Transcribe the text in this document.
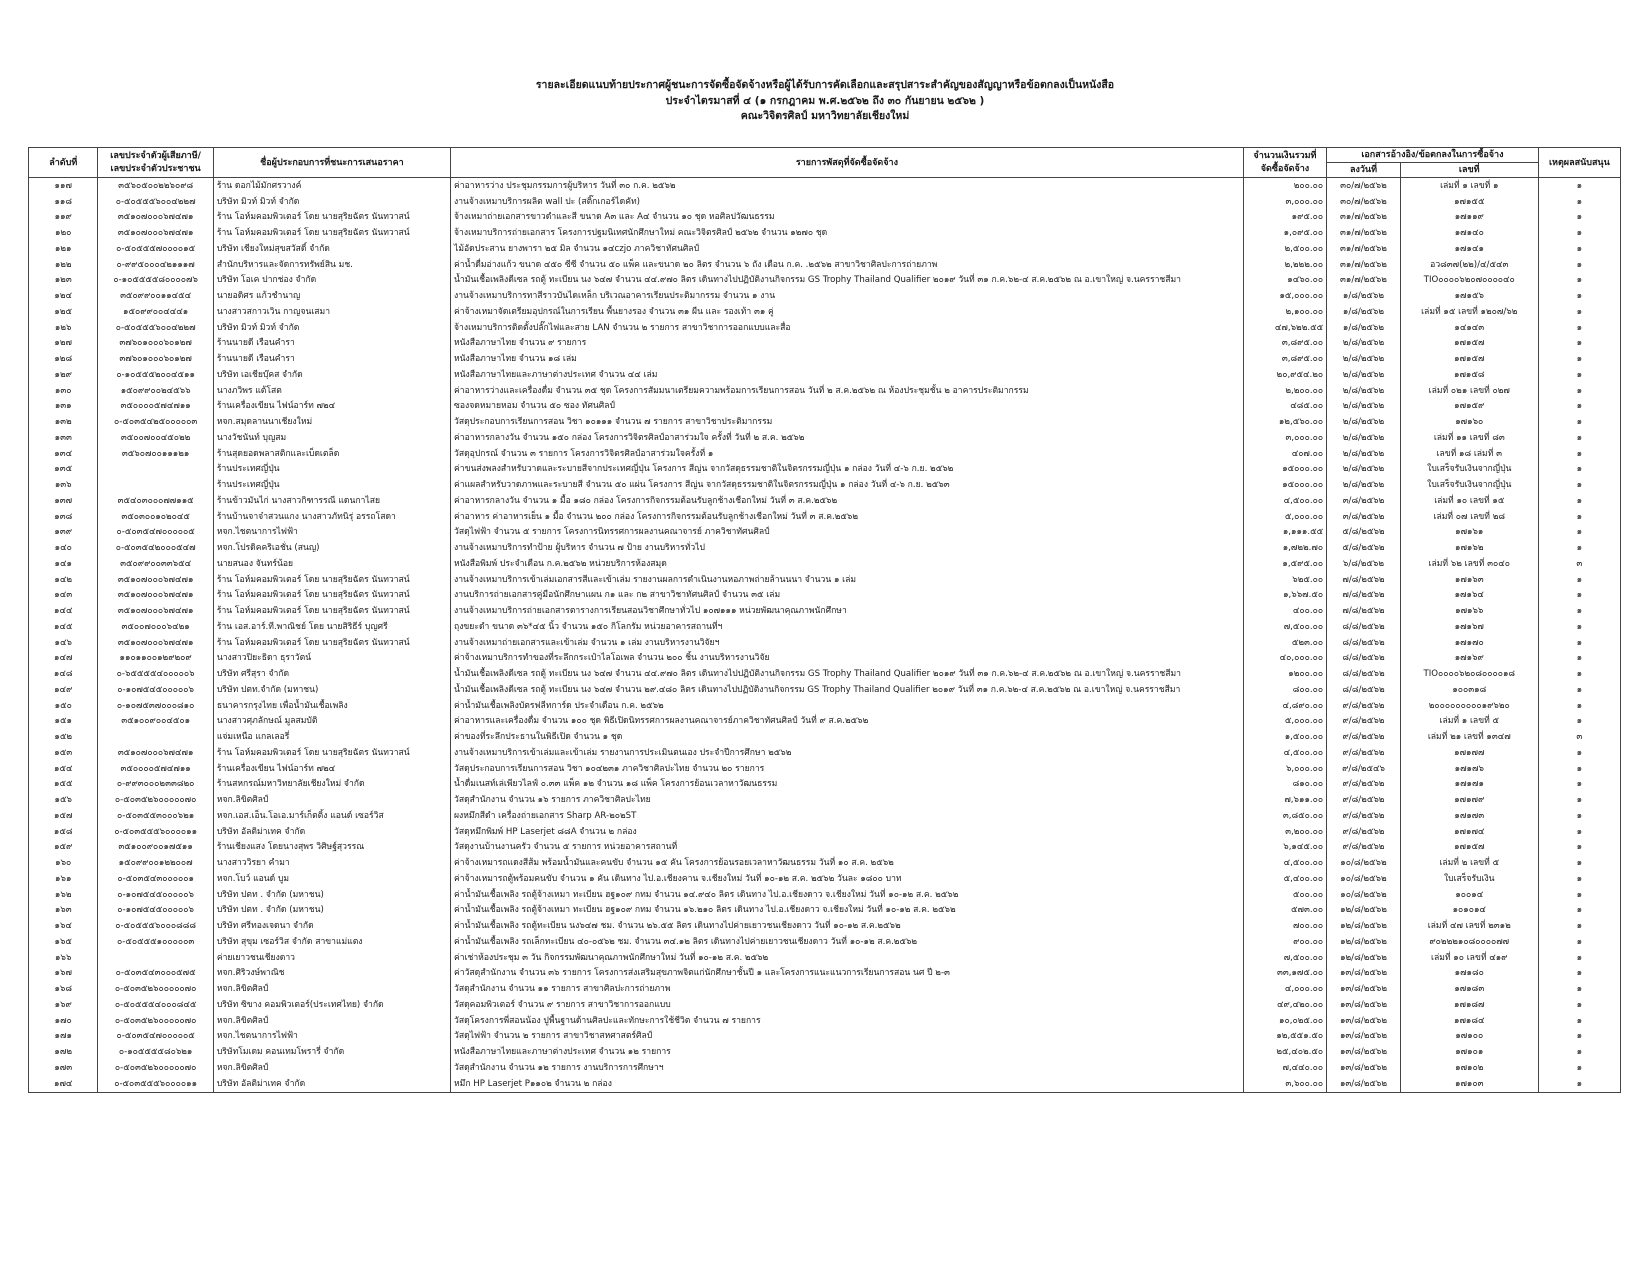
รายละเอียดแนบท้ายประกาศผู้ชนะการจัดซื้อจัดจ้างหรือผู้ได้รับการคัดเลือกและสรุปสาระสำคัญของสัญญาหรือข้อตกลงเป็นหนังสือ
ประจำไตรมาสที่ ๔ (๑ กรกฎาคม พ.ศ.๒๕๖๒ ถึง ๓๐ กันยายน ๒๕๖๒ )
คณะวิจิตรศิลป์ มหาวิทยาลัยเชียงใหม่
ลำดับที่	เลขประจำตัวผู้เสียภาษี/ เลขประจำตัวประชาชน	ชื่อผู้ประกอบการที่ชนะการเสนอราคา	รายการพัสดุที่จัดซื้อจัดจ้าง	จำนวนเงินรวมที่ จัดซื้อจัดจ้าง	เอกสารอ้างอิง/ข้อตกลงในการซื้อจ้าง		เหตุผลสนับสนุน
					ลงวันที่	เลขที่	
๑๑๗	๓๕๖๐๕๐๐๒๒๖๐๙๘	ร้าน ดอกไม้มักศรวางค์	ค่าอาหารว่าง ประชุมกรรมการผู้บริหาร วันที่ ๓๐ ก.ค. ๒๕๖๒	๒๐๐.๐๐	๓๐/๗/๒๕๖๒	เล่มที่ ๑ เลขที่ ๑	๑
๑๑๘	๐-๕๐๕๕๕๖๐๐๔๒๒๗	บริษัท มิวท์ มิวท์ จำกัด	งานจ้างเหมาบริการผลิต wall ปะ (สติ๊กเกอร์ไดคัท)	๓,๐๐๐.๐๐	๓๐/๗/๒๕๖๒	๑๗๑๕๕	๑
๑๑๙	๓๕๑๐๗๐๐๐๖๗๔๗๑	ร้าน โอห์มคอมพิวเตอร์ โดย นายสุริยฉัตร นันทวาสน์	จ้างเหมาถ่ายเอกสารขาวดำและสี ขนาด A๓ และ A๔ จำนวน ๑๐ ชุด หอศิลปวัฒนธรรม	๑๙๕.๐๐	๓๑/๗/๒๕๖๒	๑๗๑๑๙	๑
๑๒๐	๓๕๑๐๗๐๐๐๖๗๔๗๑	ร้าน โอห์มคอมพิวเตอร์ โดย นายสุริยฉัตร นันทวาสน์	จ้างเหมาบริการถ่ายเอกสาร โครงการปฐมนิเทศนักศึกษาใหม่ คณะวิจิตรศิลป์ ๒๕๖๒ จำนวน ๑๒๗๐ ชุด	๑,๐๙๕.๐๐	๓๑/๗/๒๕๖๒	๑๗๑๔๐	๑
๑๒๑	๐-๕๐๕๕๕๗๐๐๐๐๑๕	บริษัท เชียงใหม่สุขสวัสดิ์ จำกัด	ไม้อัดประสาน ยางพารา ๒๕ มิล จำนวน ๑๔czjo ภาควิชาทัศนศิลป์	๒,๕๐๐.๐๐	๓๑/๗/๒๕๖๒	๑๗๑๔๑	๑
๑๒๒	๐-๙๙๕๐๐๐๔๒๑๑๑๗	สำนักบริหารและจัดการทรัพย์สิน มช.	ค่าน้ำดื่มอ่างแก้ว ขนาด ๔๕๐ ซีซี จำนวน ๕๐ แพ็ค และขนาด ๒๐ ลิตร จำนวน ๖ ถัง เดือน ก.ค. .๒๕๖๒ สาขาวิชาศิลปะการถ่ายภาพ	๒,๒๒๒.๐๐	๓๑/๗/๒๕๖๒	อว๘๓๗(๒๒)/๔/๕๔๓	๑
๑๒๓	๐-๑๐๕๕๕๕๘๐๐๐๐๗๖	บริษัท โอเค ปากช่อง จำกัด	น้ำมันเชื้อเพลิงดีเซล รถตู้ ทะเบียน นง ๖๔๗ จำนวน ๔๔.๙๗๐ ลิตร เดินทางไปปฏิบัติงานกิจกรรม GS Trophy Thailand Qualifier ๒๐๑๙ วันที่ ๓๑ ก.ค.๖๒-๔ ส.ค.๒๕๖๒ ณ อ.เขาใหญ่ จ.นครราชสีมา	๑๔๖๐.๐๐	๓๑/๗/๒๕๖๒	TIO๐๐๐๐๖๒๐๗๐๐๐๐๔๐	๑
๑๒๔	๓๕๐๙๙๐๐๑๑๔๕๔	นายอดิศร แก้วชำนาญ	งานจ้างเหมาบริการทาสีราวบันไดเหล็ก บริเวณอาคารเรียนประติมากรรม จำนวน ๑ งาน	๑๕,๐๐๐.๐๐	๑/๘/๒๕๖๒	๑๗๑๕๖	๑
๑๒๕	๑๕๐๙๙๐๐๔๔๔๑	นางสาวสกาวเวิน กาญจนเสมา	ค่าจ้างเหมาจัดเตรียมอุปกรณ์ในการเรียน พื้นยางรอง จำนวน ๓๑ ผืน และ รองเท้า ๓๑ คู่	๒,๑๐๐.๐๐	๑/๘/๒๕๖๒	เล่มที่ ๑๕ เลขที่ ๑๒๐๗/๖๒	๑
๑๒๖	๐-๕๐๕๕๕๖๐๐๔๒๒๗	บริษัท มิวท์ มิวท์ จำกัด	จ้างเหมาบริการติดตั้งปลั๊กไฟและสาย LAN จำนวน ๒ รายการ สาขาวิชาการออกแบบและสื่อ	๔๗,๖๒๒.๕๕	๑/๘/๒๕๖๒	๑๔๑๔๓	๑
๑๒๗	๓๗๖๐๑๐๐๐๖๐๑๒๗	ร้านนายดี เรือนคำรา	หนังสือภาษาไทย จำนวน ๙ รายการ	๓,๘๙๕.๐๐	๒/๘/๒๕๖๒	๑๗๑๕๗	๑
๑๒๘	๓๗๖๐๑๐๐๐๖๐๑๒๗	ร้านนายดี เรือนคำรา	หนังสือภาษาไทย จำนวน ๑๘ เล่ม	๓,๘๙๕.๐๐	๒/๘/๒๕๖๒	๑๗๑๕๗	๑
๑๒๙	๐-๑๐๕๕๕๒๐๐๔๕๑๑	บริษัท เอเชียบุ๊คส จำกัด	หนังสือภาษาไทยและภาษาต่างประเทศ จำนวน ๔๔ เล่ม	๒๐,๙๕๔.๒๐	๒/๘/๒๕๖๒	๑๗๑๕๘	๑
๑๓๐	๑๕๐๙๙๐๐๒๔๕๖๖	นางภวิพร แต้โสต	ค่าอาหารว่างและเครื่องดื่ม จำนวน ๓๕ ชุด โครงการสัมมนาเตรียมความพร้อมการเรียนการสอน วันที่ ๒ ส.ค.๒๕๖๒ ณ ห้องประชุมชั้น ๒ อาคารประติมากรรม	๒,๒๐๐.๐๐	๒/๘/๒๕๖๒	เล่มที่ ๐๒๑ เลขที่ ๐๒๗	๑
๑๓๑	๓๕๐๐๐๐๕๗๔๗๑๑	ร้านเครื่องเขียน ไฟน์อาร์ท ๗๒๔	ซองจดหมายหอม จำนวน ๕๐ ซอง ทัศนศิลป์	๔๘๕.๐๐	๒/๘/๒๕๖๒	๑๗๑๕๙	๑
๑๓๒	๐-๕๐๓๕๔๒๕๐๐๐๐๐๓	หจก.สมุดลานนาเชียงใหม่	วัสดุประกอบการเรียนการสอน วิชา ๑๐๑๑๑ จำนวน ๗ รายการ สาขาวิชาประติมากรรม	๑๒,๕๖๐.๐๐	๒/๘/๒๕๖๒	๑๗๑๖๐	๑
๑๓๓	๓๕๐๐๗๐๐๔๕๐๒๒	นางวัชนันท์ บุญสม	ค่าอาหารกลางวัน จำนวน ๑๕๐ กล่อง โครงการวิจิตรศิลป์อาสาร่วมใจ ครั้งที่ วันที่ ๒ ส.ค. ๒๕๖๒	๓,๐๐๐.๐๐	๒/๘/๒๕๖๒	เล่มที่ ๑๑ เลขที่ ๘๓	๑
๑๓๔	๓๕๖๐๗๐๐๑๑๑๒๑	ร้านสุดยอดพลาสติกและเบ็ดเตล็ด	วัสดุอุปกรณ์ จำนวน ๓ รายการ โครงการวิจิตรศิลป์อาสาร่วมใจครั้งที่ ๑	๔๐๗.๐๐	๒/๘/๒๕๖๒	เลขที่ ๑๘ เล่มที่ ๓	๑
๑๓๕		ร้านประเทศญี่ปุ่น	ค่าขนส่งพลงสำหรับวาดและระบายสีจากประเทศญี่ปุ่น โครงการ สีญ่น จากวัสดุธรรมชาติในจิตรกรรมญี่ปุ่น ๑ กล่อง วันที่ ๔-๖ ก.ย. ๒๕๖๒	๑๕๐๐๐.๐๐	๒/๘/๒๕๖๒	ใบเสร็จรับเงินจากญี่ปุ่น	๑
๑๓๖		ร้านประเทศญี่ปุ่น	ค่าแผลสำหรับวาดภาพและระบายสี จำนวน ๕๐ แผ่น โครงการ สีญ่น จากวัสดุธรรมชาติในจิตรกรรมญี่ปุ่น ๑ กล่อง วันที่ ๔-๖ ก.ย. ๒๕๖๓	๑๕๐๐๐.๐๐	๒/๘/๒๕๖๒	ใบเสร็จรับเงินจากญี่ปุ่น	๑
๑๓๗	๓๕๔๐๓๐๐๐๗๗๑๑๕	ร้านข้าวมันไก่ นางสาวกิฑารรณี แดนกาไสย	ค่าอาหารกลางวัน จำนวน ๑ มื้อ ๑๘๐ กล่อง โครงการกิจกรรมต้อนรับลูกช้างเชือกใหม่ วันที่ ๓ ส.ค.๒๕๖๒	๔,๕๐๐.๐๐	๓/๘/๒๕๖๒	เล่มที่ ๑๐ เลขที่ ๑๕	๑
๑๓๘	๓๕๐๓๐๐๑๐๒๐๔๕	ร้านบ้านจาจ๋าสวนแกง นางสาวภัทนิรุ่ อรรถโสดา	ค่าอาหาร ค่าอาหารเย็น ๑ มื้อ จำนวน ๒๐๐ กล่อง โครงการกิจกรรมต้อนรับลูกช้างเชือกใหม่ วันที่ ๓ ส.ค.๒๕๖๒	๕,๐๐๐.๐๐	๓/๘/๒๕๖๒	เล่มที่ ๐๗ เลขที่ ๒๘	๑
๑๓๙	๐-๕๐๓๕๔๗๐๐๐๐๐๕	หจก.ไชตนาการไฟฟ้า	วัสดุไฟฟ้า จำนวน ๕ รายการ โครงการนิทรรศการผลงานคณาจารย์ ภาควิชาทัศนศิลป์	๑,๑๑๑.๕๕	๕/๘/๒๕๖๒	๑๗๑๖๑	๑
๑๔๐	๐-๕๐๓๕๔๒๐๐๐๕๔๗	หจก.โปรดิคคริเอชั่น (สนญ)	งานจ้างเหมาบริการทำป้าย ผู้บริหาร จำนวน ๗ ป้าย งานบริหารทั่วไป	๑,๗๒๒.๗๐	๕/๘/๒๕๖๒	๑๗๑๖๒	๑
๑๔๑	๓๕๐๙๙๐๐๓๓๖๕๔	นายสนอง จันทร์น้อย	หนังสือพิมพ์ ประจำเดือน ก.ค.๒๕๖๒ หน่วยบริการห้องสมุด	๑,๕๙๕.๐๐	๖/๘/๒๕๖๒	เล่มที่ ๖๒ เลขที่ ๓๐๔๐	๓
๑๔๒	๓๕๑๐๗๐๐๐๖๗๔๗๑	ร้าน โอห์มคอมพิวเตอร์ โดย นายสุริยฉัตร นันทวาสน์	งานจ้างเหมาบริการเข้าเล่มเอกสารสีและเข้าเล่ม รายงานผลการดำเนินงานหอภาพถ่ายล้านนนา จำนวน ๑ เล่ม	๖๒๕.๐๐	๗/๘/๒๕๖๒	๑๗๑๖๓	๑
๑๔๓	๓๕๑๐๗๐๐๐๖๗๔๗๑	ร้าน โอห์มคอมพิวเตอร์ โดย นายสุริยฉัตร นันทวาสน์	งานบริการถ่ายเอกสารคู่มือนักศึกษาแผน ก๑ และ ก๒ สาขาวิชาทัศนศิลป์ จำนวน ๓๕ เล่ม	๑,๖๖๗.๕๐	๗/๘/๒๕๖๒	๑๗๑๖๔	๑
๑๔๔	๓๕๑๐๗๐๐๐๖๗๔๗๑	ร้าน โอห์มคอมพิวเตอร์ โดย นายสุริยฉัตร นันทวาสน์	งานจ้างเหมาบริการถ่ายเอกสารตารางการเรียนสอนวิชาศึกษาทั่วไป ๑๐๗๑๑๑ หน่วยพัฒนาคุณภาพนักศึกษา	๔๐๐.๐๐	๗/๘/๒๕๖๒	๑๗๑๖๖	๑
๑๔๕	๓๕๐๐๗๐๐๐๖๔๒๑	ร้าน เอส.อาร์.ที.พาณิชย์ โดย นายสิริธีร์ บุญศรี	ถุงขยะดำ ขนาด ๓๖*๔๕ นิ้ว จำนวน ๑๕๐ กิโลกรัม หน่วยอาคารสถานที่ฯ	๗,๕๐๐.๐๐	๘/๘/๒๕๖๒	๑๗๑๖๗	๑
๑๔๖	๓๕๑๐๗๐๐๐๖๗๔๗๑	ร้าน โอห์มคอมพิวเตอร์ โดย นายสุริยฉัตร นันทวาสน์	งานจ้างเหมาถ่ายเอกสารและเข้าเล่ม จำนวน ๑ เล่ม งานบริหารงานวิจัยฯ	๕๒๓.๐๐	๘/๘/๒๕๖๒	๑๗๑๗๐	๑
๑๔๗	๑๑๐๑๑๐๐๑๒๙๒๐๙	นางสาวปิยะธิดา ธุราวัตน์	ค่าจ้างเหมาบริการทำของที่ระลึกกระเป๋าไลโอเพล จำนวน ๒๐๐ ชิ้น งานบริหารงานวิจัย	๔๐,๐๐๐.๐๐	๘/๘/๒๕๖๒	๑๗๑๖๙	๑
๑๔๘	๐-๖๕๕๕๕๔๐๐๐๐๐๖	บริษัท ศรีสุรา จำกัด	น้ำมันเชื้อเพลิงดีเซล รถตู้ ทะเบียน นง ๖๔๗ จำนวน ๔๔.๙๗๐ ลิตร เดินทางไปปฏิบัติงานกิจกรรม GS Trophy Thailand Qualifier ๒๐๑๙ วันที่ ๓๑ ก.ค.๖๒-๔ ส.ค.๒๕๖๒ ณ อ.เขาใหญ่ จ.นครราชสีมา	๑๒๐๐.๐๐	๘/๘/๒๕๖๒	TIO๐๐๐๐๖๒๐๘๐๐๐๐๑๘	๑
๑๔๙	๐-๑๐๗๕๔๕๐๐๐๐๐๖	บริษัท ปตท.จำกัด (มหาชน)	น้ำมันเชื้อเพลิงดีเซล รถตู้ ทะเบียน นง ๖๔๗ จำนวน ๒๙.๔๘๐ ลิตร เดินทางไปปฏิบัติงานกิจกรรม GS Trophy Thailand Qualifier ๒๐๑๙ วันที่ ๓๑ ก.ค.๖๒-๔ ส.ค.๒๕๖๒ ณ อ.เขาใหญ่ จ.นครราชสีมา	๘๐๐.๐๐	๘/๘/๒๕๖๒	๑๐๐๓๑๘	๑
๑๕๐	๐-๑๐๗๕๓๗๐๐๐๘๑๐	ธนาคารกรุงไทย เพื่อน้ำมันเชื้อเพลิง	ค่าน้ำมันเชื้อเพลิงบัตรฟลีทการ์ด ประจำเดือน ก.ค. ๒๕๖๒	๔,๘๙๐.๐๐	๙/๘/๒๕๖๒	๒๐๐๐๐๐๐๐๐๐๑๙๖๒๐	๑
๑๕๑	๓๕๑๐๐๙๐๐๔๕๐๑	นางสาวศุภลักษณ์ มูลสมบัติ	ค่าอาหารและเครื่องดื่ม จำนวน ๑๐๐ ชุด พิธีเปิดนิทรรศการผลงานคณาจารย์ภาควิชาทัศนศิลป์ วันที่ ๙ ส.ค.๒๕๖๒	๕,๐๐๐.๐๐	๙/๘/๒๕๖๒	เล่มที่ ๑ เลขที่ ๕	๑
๑๕๒		แจ่มเหนือ แกลเลอรี่	ค่าของที่ระลึกประธานในพิธีเปิด จำนวน ๑ ชุด	๑,๕๐๐.๐๐	๙/๘/๒๕๖๒	เล่มที่ ๒๑ เลขที่ ๑๓๔๗	๓
๑๕๓	๓๕๑๐๗๐๐๐๖๗๔๗๑	ร้าน โอห์มคอมพิวเตอร์ โดย นายสุริยฉัตร นันทวาสน์	งานจ้างเหมาบริการเข้าเล่มและเข้าเล่ม รายงานการประเมินตนเอง ประจำปีการศึกษา ๒๕๖๒	๔,๕๐๐.๐๐	๙/๘/๒๕๖๒	๑๗๑๗๗	๑
๑๕๔	๓๕๐๐๐๐๕๗๔๗๑๑	ร้านเครื่องเขียน ไฟน์อาร์ท ๗๒๔	วัสดุประกอบการเรียนการสอน วิชา ๑๐๔๒๓๑ ภาควิชาศิลปะไทย จำนวน ๒๐ รายการ	๖,๐๐๐.๐๐	๙/๘/๒๕๔๖	๑๗๑๗๖	๑
๑๕๕	๐-๙๙๓๐๐๐๒๓๓๘๒๐	ร้านสหกรณ์มหาวิทยาลัยเชียงใหม่ จำกัด	น้ำดื่มเนสท์เล่เพียวไลฟ์ ๐.๓๓ แพ็ค ๑๒ จำนวน ๑๘ แพ็ค โครงการย้อนเวลาหาวัฒนธรรม	๘๑๐.๐๐	๙/๘/๒๕๖๒	๑๗๑๗๑	๑
๑๕๖	๐-๕๐๓๕๒๖๐๐๐๐๐๗๐	หจก.ลิขิตศิลป์	วัสดุสำนักงาน จำนวน ๑๖ รายการ ภาควิชาศิลปะไทย	๗,๖๑๑.๐๐	๙/๘/๒๕๖๒	๑๗๑๗๙	๑
๑๕๗	๐-๕๐๓๕๕๓๐๐๐๖๒๑	หจก.เอส.เอ็น.โอเอ.มาร์เก็ตติ้ง แอนด์ เซอร์วิส	ผงหมึกสีดำ เครื่องถ่ายเอกสาร Sharp AR-๒๐๒ST	๓,๘๕๐.๐๐	๙/๘/๒๕๖๒	๑๗๑๗๓	๑
๑๕๘	๐-๕๐๓๕๕๕๖๐๐๐๐๑๑	บริษัท อัลติม่าเทค จำกัด	วัสดุหมึกพิมพ์ HP Laserjet ๘๘A จำนวน ๒ กล่อง	๓,๒๐๐.๐๐	๙/๘/๒๕๖๒	๑๗๑๗๔	๑
๑๕๙	๓๕๑๐๐๙๐๐๑๗๕๑๑	ร้านเชียงแสง โดยนางสุพร วิศิษฐ์สุวรรณ	วัสดุงานบ้านงานครัว จำนวน ๕ รายการ หน่วยอาคารสถานที่	๖,๑๔๕.๐๐	๙/๘/๒๕๖๒	๑๗๑๕๗	๑
๑๖๐	๑๕๐๙๙๐๐๑๒๒๐๐๗	นางสาววิรยา คำมา	ค่าจ้างเหมารถแดงสีส้ม พร้อมน้ำมันและคนขับ จำนวน ๑๕ คัน โครงการย้อนรอยเวลาหาวัฒนธรรม วันที่ ๑๐ ส.ค. ๒๕๖๒	๔,๕๐๐.๐๐	๑๐/๘/๒๕๖๒	เล่มที่ ๒ เลขที่ ๕	๑
๑๖๑	๐-๕๐๓๕๔๓๐๐๐๐๐๑	หจก.โบว์ แอนด์ บูม	ค่าจ้างเหมารถตู้พร้อมคนขับ จำนวน ๑ คัน เดินทาง ไป.อ.เชียงคาน จ.เชียงใหม่ วันที่ ๑๐-๑๒ ส.ค. ๒๕๖๒ วันละ ๑๘๐๐ บาท	๕,๔๐๐.๐๐	๑๐/๘/๒๕๖๒	ใบเสร็จรับเงิน	๑
๑๖๒	๐-๑๐๗๕๔๕๐๐๐๐๐๖	บริษัท ปตท . จำกัด (มหาชน)	ค่าน้ำมันเชื้อเพลิง รถตู้จ้างเหมา ทะเบียน ฮฐ๑๐๙ กทม จำนวน ๑๔.๙๔๐ ลิตร เดินทาง ไป.อ.เชียงดาว จ.เชียงใหม่ วันที่ ๑๐-๑๒ ส.ค. ๒๕๖๒	๕๐๐.๐๐	๑๐/๘/๒๕๖๒	๑๐๐๑๔	๑
๑๖๓	๐-๑๐๗๕๔๕๐๐๐๐๐๖	บริษัท ปตท . จำกัด (มหาชน)	ค่าน้ำมันเชื้อเพลิง รถตู้จ้างเหมา ทะเบียน ฮฐ๑๐๙ กทม จำนวน ๑๖.๒๑๐ ลิตร เดินทาง ไป.อ.เชียงดาว จ.เชียงใหม่ วันที่ ๑๐-๑๒ ส.ค. ๒๕๖๒	๕๗๓.๐๐	๑๒/๘/๒๕๖๒	๑๐๑๐๑๔	๑
๑๖๔	๐-๕๐๕๕๕๖๐๐๐๘๘๘	บริษัท ศรีทองเจดนา จำกัด	ค่าน้ำมันเชื้อเพลิง รถตู้ทะเบียน นง๖๔๗ ชม. จำนวน ๒๖.๕๕ ลิตร เดินทางไปค่ายเยาวชนเชียงดาว วันที่ ๑๐-๑๒ ส.ค.๒๕๖๒	๗๐๐.๐๐	๑๒/๘/๒๕๖๒	เล่มที่ ๔๗ เลขที่ ๒๓๑๒	๑
๑๖๕	๐-๕๐๕๕๕๑๐๐๐๐๐๓	บริษัท สุขุม เซอร์วิส จำกัด สาขาแม่แตง	ค่าน้ำมันเชื้อเพลิง รถเล็กทะเบียน ๔๐-๐๕๖๒ ชม. จำนวน ๓๔.๑๒ ลิตร เดินทางไปค่ายเยาวชนเชียงดาว วันที่ ๑๐-๑๒ ส.ค.๒๕๖๒	๙๐๐.๐๐	๑๒/๘/๒๕๖๒	๙๐๒๒๒๑๐๘๐๐๐๐๗๗	๑
๑๖๖		ค่ายเยาวชนเชียงดาว	ค่าเช่าห้องประชุม ๓ วัน กิจกรรมพัฒนาคุณภาพนักศึกษาใหม่ วันที่ ๑๐-๑๒ ส.ค. ๒๕๖๒	๗,๕๐๐.๐๐	๑๒/๘/๒๕๖๒	เล่มที่ ๑๐ เลขที่ ๔๑๙	๑
๑๖๗	๐-๕๐๓๕๔๓๐๐๐๕๗๕	หจก.ศิริวงษ์พาณิช	ค่าวัสดุสำนักงาน จำนวน ๓๖ รายการ โครงการส่งเสริมสุขภาพจิตแก่นักศึกษาชั้นปี ๑ และโครงการแนะแนวการเรียนการสอน นศ ปี ๒-๓	๓๓,๑๗๕.๐๐	๑๓/๘/๒๕๖๒	๑๗๑๘๐	๑
๑๖๘	๐-๕๐๓๕๒๖๐๐๐๐๐๗๐	หจก.ลิขิตศิลป์	วัสดุสำนักงาน จำนวน ๑๑ รายการ สาขาศิลปะการถ่ายภาพ	๔,๐๐๐.๐๐	๑๓/๘/๒๕๖๒	๑๗๑๘๓	๑
๑๖๙	๐-๕๐๕๕๕๔๐๐๐๘๔๕	บริษัท ซิขาง คอมพิวเตอร์(ประเทศไทย) จำกัด	วัสดุคอมพิวเตอร์ จำนวน ๙ รายการ สาขาวิชาการออกแบบ	๔๙,๔๒๐.๐๐	๑๓/๘/๒๕๖๒	๑๗๑๘๗	๑
๑๗๐	๐-๕๐๓๕๒๖๐๐๐๐๐๗๐	หจก.ลิขิตศิลป์	วัสดุโครงการพี่สอนน้อง ปูพื้นฐานด้านศิลปะและทักษะการใช้ชีวิต จำนวน ๗ รายการ	๑๐,๐๒๕.๐๐	๑๓/๘/๒๕๖๒	๑๗๑๘๔	๑
๑๗๑	๐-๕๐๓๕๔๗๐๐๐๐๐๕	หจก.ไชตนาการไฟฟ้า	วัสดุไฟฟ้า จำนวน ๒ รายการ สาขาวิชาสหศาสตร์ศิลป์	๑๒,๕๕๑.๕๐	๑๓/๘/๒๕๖๒	๑๗๑๐๐	๑
๑๗๒	๐-๑๐๕๕๕๕๘๐๖๒๑	บริษัทโมเดม คอนเทมโพรารี่ จำกัด	หนังสือภาษาไทยและภาษาต่างประเทศ จำนวน ๑๒ รายการ	๒๕,๔๐๒.๕๐	๑๓/๘/๒๕๖๒	๑๗๑๐๑	๑
๑๗๓	๐-๕๐๓๕๒๖๐๐๐๐๐๗๐	หจก.ลิขิตศิลป์	วัสดุสำนักงาน จำนวน ๑๒ รายการ งานบริการการศึกษาฯ	๗,๔๔๐.๐๐	๑๓/๘/๒๕๖๒	๑๗๑๐๒	๑
๑๗๔	๐-๕๐๓๕๕๕๖๐๐๐๐๑๑	บริษัท อัลติม่าเทค จำกัด	หมึก HP Laserjet P๑๑๐๒ จำนวน ๒ กล่อง	๓,๖๐๐.๐๐	๑๓/๘/๒๕๖๒	๑๗๑๐๓	๑
